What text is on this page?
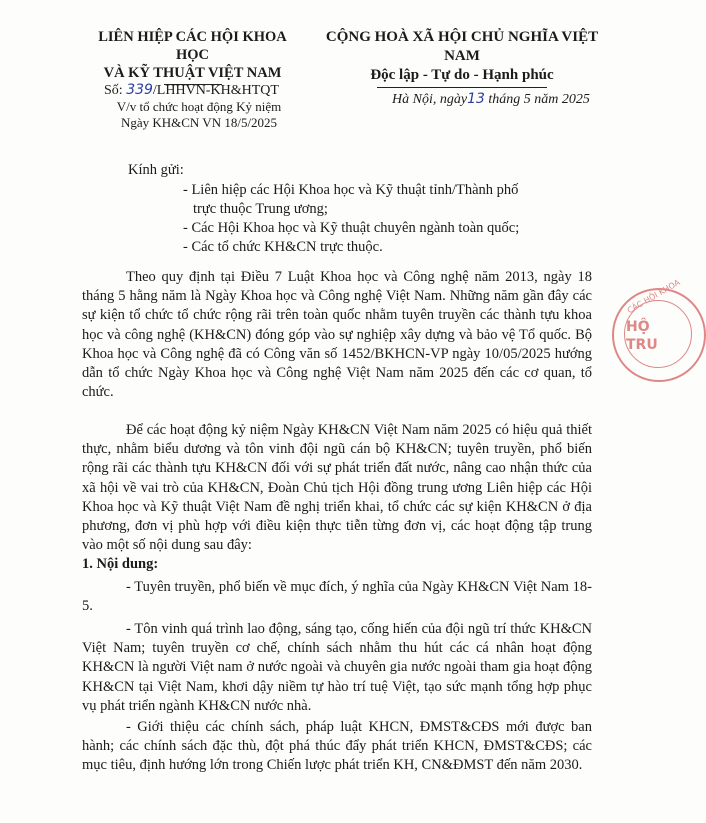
LIÊN HIỆP CÁC HỘI KHOA HỌC
VÀ KỸ THUẬT VIỆT NAM
CỘNG HOÀ XÃ HỘI CHỦ NGHĨA VIỆT NAM
Độc lập - Tự do - Hạnh phúc
Số: 339/LHHVN-KH&HTQT
V/v tổ chức hoạt động Kỷ niệm
Ngày KH&CN VN 18/5/2025
Hà Nội, ngày13 tháng 5 năm 2025
Kính gửi:
- Liên hiệp các Hội Khoa học và Kỹ thuật tỉnh/Thành phố
trực thuộc Trung ương;
- Các Hội Khoa học và Kỹ thuật chuyên ngành toàn quốc;
- Các tổ chức KH&CN trực thuộc.
Theo quy định tại Điều 7 Luật Khoa học và Công nghệ năm 2013, ngày 18 tháng 5 hằng năm là Ngày Khoa học và Công nghệ Việt Nam. Những năm gần đây các sự kiện tổ chức tổ chức rộng rãi trên toàn quốc nhằm tuyên truyền các thành tựu khoa học và công nghệ (KH&CN) đóng góp vào sự nghiệp xây dựng và bảo vệ Tổ quốc. Bộ Khoa học và Công nghệ đã có Công văn số 1452/BKHCN-VP ngày 10/05/2025 hướng dẫn tổ chức Ngày Khoa học và Công nghệ Việt Nam năm 2025 đến các cơ quan, tổ chức.
Để các hoạt động kỷ niệm Ngày KH&CN Việt Nam năm 2025 có hiệu quả thiết thực, nhằm biểu dương và tôn vinh đội ngũ cán bộ KH&CN; tuyên truyền, phổ biến rộng rãi các thành tựu KH&CN đối với sự phát triển đất nước, nâng cao nhận thức của xã hội về vai trò của KH&CN, Đoàn Chủ tịch Hội đồng trung ương Liên hiệp các Hội Khoa học và Kỹ thuật Việt Nam đề nghị triển khai, tổ chức các sự kiện KH&CN ở địa phương, đơn vị phù hợp với điều kiện thực tiễn từng đơn vị, các hoạt động tập trung vào một số nội dung sau đây:
1. Nội dung:
- Tuyên truyền, phổ biến về mục đích, ý nghĩa của Ngày KH&CN Việt Nam 18-5.
- Tôn vinh quá trình lao động, sáng tạo, cống hiến của đội ngũ trí thức KH&CN Việt Nam; tuyên truyền cơ chế, chính sách nhằm thu hút các cá nhân hoạt động KH&CN là người Việt nam ở nước ngoài và chuyên gia nước ngoài tham gia hoạt động KH&CN tại Việt Nam, khơi dậy niềm tự hào trí tuệ Việt, tạo sức mạnh tổng hợp phục vụ phát triển ngành KH&CN nước nhà.
- Giới thiệu các chính sách, pháp luật KHCN, ĐMST&CĐS mới được ban hành; các chính sách đặc thù, đột phá thúc đẩy phát triển KHCN, ĐMST&CĐS; các mục tiêu, định hướng lớn trong Chiến lược phát triển KH, CN&ĐMST đến năm 2030.
CÁC HỘI KHOA
HỘ
TRU
